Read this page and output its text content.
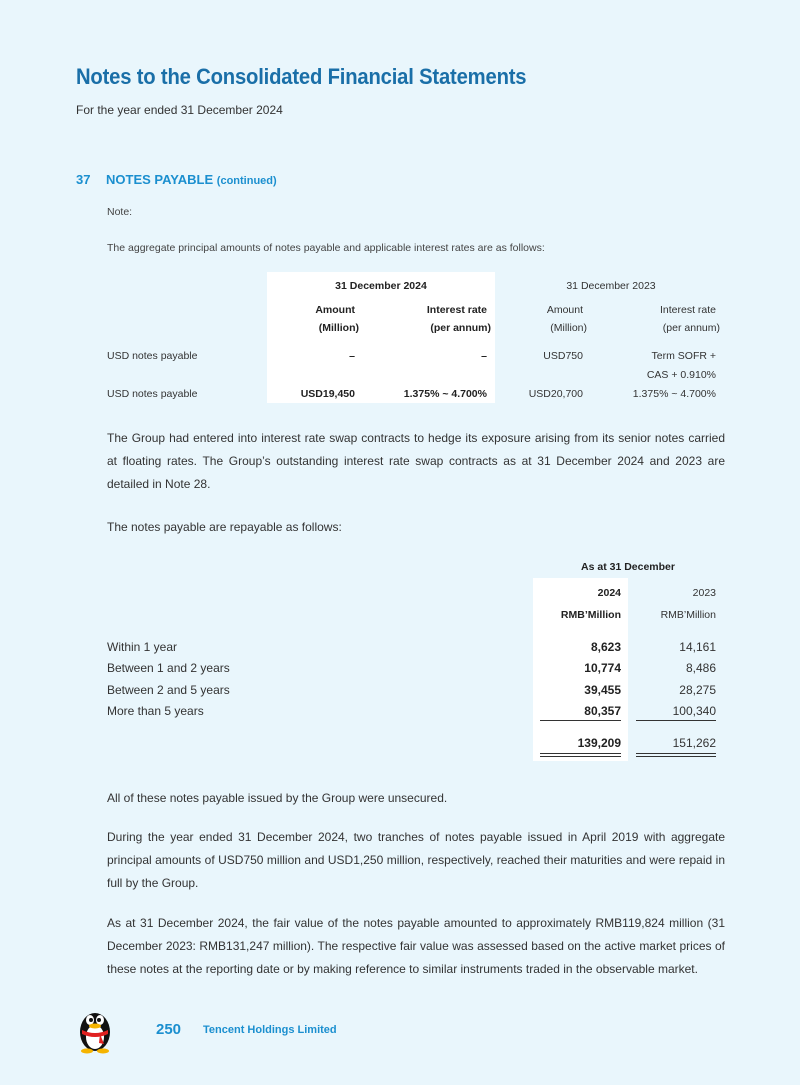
Notes to the Consolidated Financial Statements
For the year ended 31 December 2024
37 NOTES PAYABLE (continued)
Note:
The aggregate principal amounts of notes payable and applicable interest rates are as follows:
31 December 2024	31 December 2023
Amount	Interest rate	Amount	Interest rate
(Million)	(per annum)	(Million)	(per annum)
USD notes payable	–	–	USD750	Term SOFR +
CAS + 0.910%
USD notes payable	USD19,450	1.375% ~ 4.700%	USD20,700	1.375% ~ 4.700%
The Group had entered into interest rate swap contracts to hedge its exposure arising from its senior notes carried at floating rates. The Group’s outstanding interest rate swap contracts as at 31 December 2024 and 2023 are detailed in Note 28.
The notes payable are repayable as follows:
As at 31 December
2024	2023
RMB’Million	RMB’Million
Within 1 year	8,623	14,161
Between 1 and 2 years	10,774	8,486
Between 2 and 5 years	39,455	28,275
More than 5 years	80,357	100,340
139,209	151,262
All of these notes payable issued by the Group were unsecured.
During the year ended 31 December 2024, two tranches of notes payable issued in April 2019 with aggregate principal amounts of USD750 million and USD1,250 million, respectively, reached their maturities and were repaid in full by the Group.
As at 31 December 2024, the fair value of the notes payable amounted to approximately RMB119,824 million (31 December 2023: RMB131,247 million). The respective fair value was assessed based on the active market prices of these notes at the reporting date or by making reference to similar instruments traded in the observable market.
250 Tencent Holdings Limited
